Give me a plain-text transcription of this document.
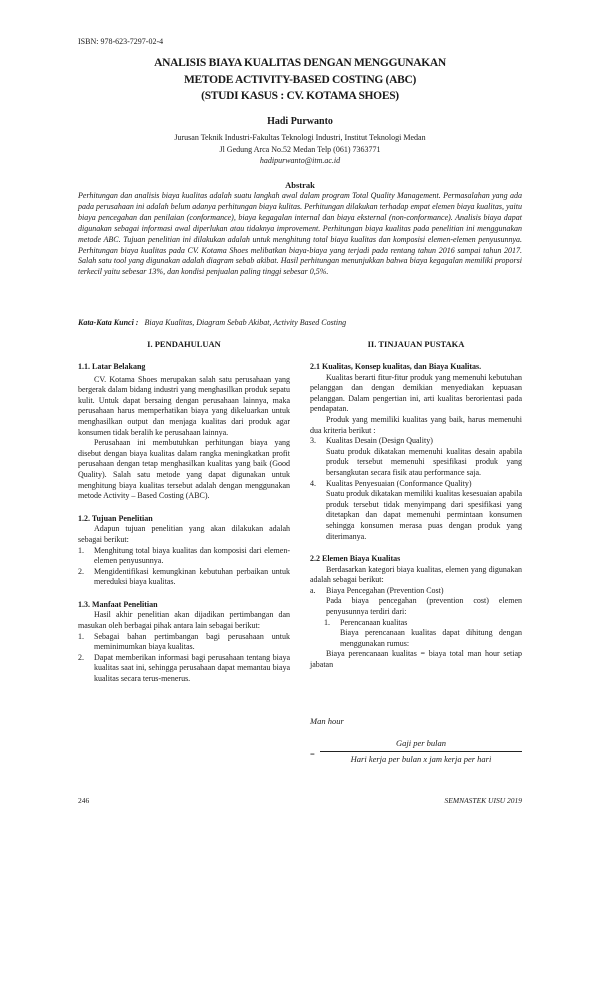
ISBN: 978-623-7297-02-4
ANALISIS BIAYA KUALITAS DENGAN MENGGUNAKAN
METODE ACTIVITY-BASED COSTING (ABC)
(STUDI KASUS : CV. KOTAMA SHOES)
Hadi Purwanto
Jurusan Teknik Industri-Fakultas Teknologi Industri, Institut Teknologi Medan
Jl Gedung Arca No.52 Medan Telp (061) 7363771
hadipurwanto@itm.ac.id
Abstrak
Perhitungan dan analisis biaya kualitas adalah suatu langkah awal dalam program Total Quality Management. Permasalahan yang ada pada perusahaan ini adalah belum adanya perhitungan biaya kulitas. Perhitungan dilakukan terhadap empat elemen biaya kualitas, yaitu biaya pencegahan dan penilaian (conformance), biaya kegagalan internal dan biaya eksternal (non-conformance). Analisis biaya dapat digunakan sebagai informasi awal diperlukan atau tidaknya improvement. Perhitungan biaya kualitas pada penelitian ini menggunakan metode ABC. Tujuan penelitian ini dilakukan adalah untuk menghitung total biaya kualitas dan komposisi elemen-elemen penyusunnya. Perhitungan biaya kualitas pada CV. Kotama Shoes melibatkan biaya-biaya yang terjadi pada rentang tahun 2016 sampai tahun 2017. Salah satu tool yang digunakan adalah diagram sebab akibat. Hasil perhitungan menunjukkan bahwa biaya kegagalan memiliki proporsi terkecil yaitu sebesar 13%, dan kondisi penjualan paling tinggi sebesar 0,5%.
Kata-Kata Kunci : Biaya Kualitas, Diagram Sebab Akibat, Activity Based Costing
I. PENDAHULUAN
1.1. Latar Belakang

CV. Kotama Shoes merupakan salah satu perusahaan yang bergerak dalam bidang industri yang menghasilkan produk sepatu kulit. Untuk dapat bersaing dengan perusahaan lainnya, maka perusahaan harus memperhatikan biaya yang dikeluarkan untuk menghasilkan output dan menjaga kualitas dari produk agar konsumen tidak beralih ke perusahaan lainnya.

Perusahaan ini membutuhkan perhitungan biaya yang disebut dengan biaya kualitas dalam rangka meningkatkan profit perusahaan dengan tetap menghasilkan kualitas yang baik (Good Quality). Salah satu metode yang dapat digunakan untuk menghitung biaya kualitas tersebut adalah dengan menggunakan metode Activity – Based Costing (ABC).

1.2. Tujuan Penelitian

Adapun tujuan penelitian yang akan dilakukan adalah sebagai berikut:

1. Menghitung total biaya kualitas dan komposisi dari elemen-elemen penyusunnya.
2. Mengidentifikasi kemungkinan kebutuhan perbaikan untuk mereduksi biaya kualitas.
1.3. Manfaat Penelitian

Hasil akhir penelitian akan dijadikan pertimbangan dan masukan oleh berbagai pihak antara lain sebagai berikut:

1. Sebagai bahan pertimbangan bagi perusahaan untuk meminimumkan biaya kualitas.
2. Dapat memberikan informasi bagi perusahaan tentang biaya kualitas saat ini, sehingga perusahaan dapat memantau biaya kualitas secara terus-menerus.
II. TINJAUAN PUSTAKA
2.1 Kualitas, Konsep kualitas, dan Biaya Kualitas.

Kualitas berarti fitur-fitur produk yang memenuhi kebutuhan pelanggan dan dengan demikian menyediakan kepuasan pelanggan. Dalam pengertian ini, arti kualitas berorientasi pada pendapatan.

Produk yang memiliki kualitas yang baik, harus memenuhi dua kriteria berikut :

3. Kualitas Desain (Design Quality)
Suatu produk dikatakan memenuhi kualitas desain apabila produk tersebut memenuhi spesifikasi produk yang bersangkutan secara fisik atau performance saja.
4. Kualitas Penyesuaian (Conformance Quality)
Suatu produk dikatakan memiliki kualitas kesesuaian apabila produk tersebut tidak menyimpang dari spesifikasi yang ditetapkan dan dapat memenuhi permintaan konsumen sehingga konsumen merasa puas dengan produk yang diterimanya.
2.2 Elemen Biaya Kualitas

Berdasarkan kategori biaya kualitas, elemen yang digunakan adalah sebagai berikut:

a. Biaya Pencegahan (Prevention Cost)
Pada biaya pencegahan (prevention cost) elemen penyusunnya terdiri dari:
1. Perencanaan kualitas
Biaya perencanaan kualitas dapat dihitung dengan menggunakan rumus:

Biaya perencanaan kualitas = biaya total man hour setiap jabatan

Man hour
=
Gaji per bulan
Hari kerja per bulan x jam kerja per hari
246	SEMNASTEK UISU 2019
